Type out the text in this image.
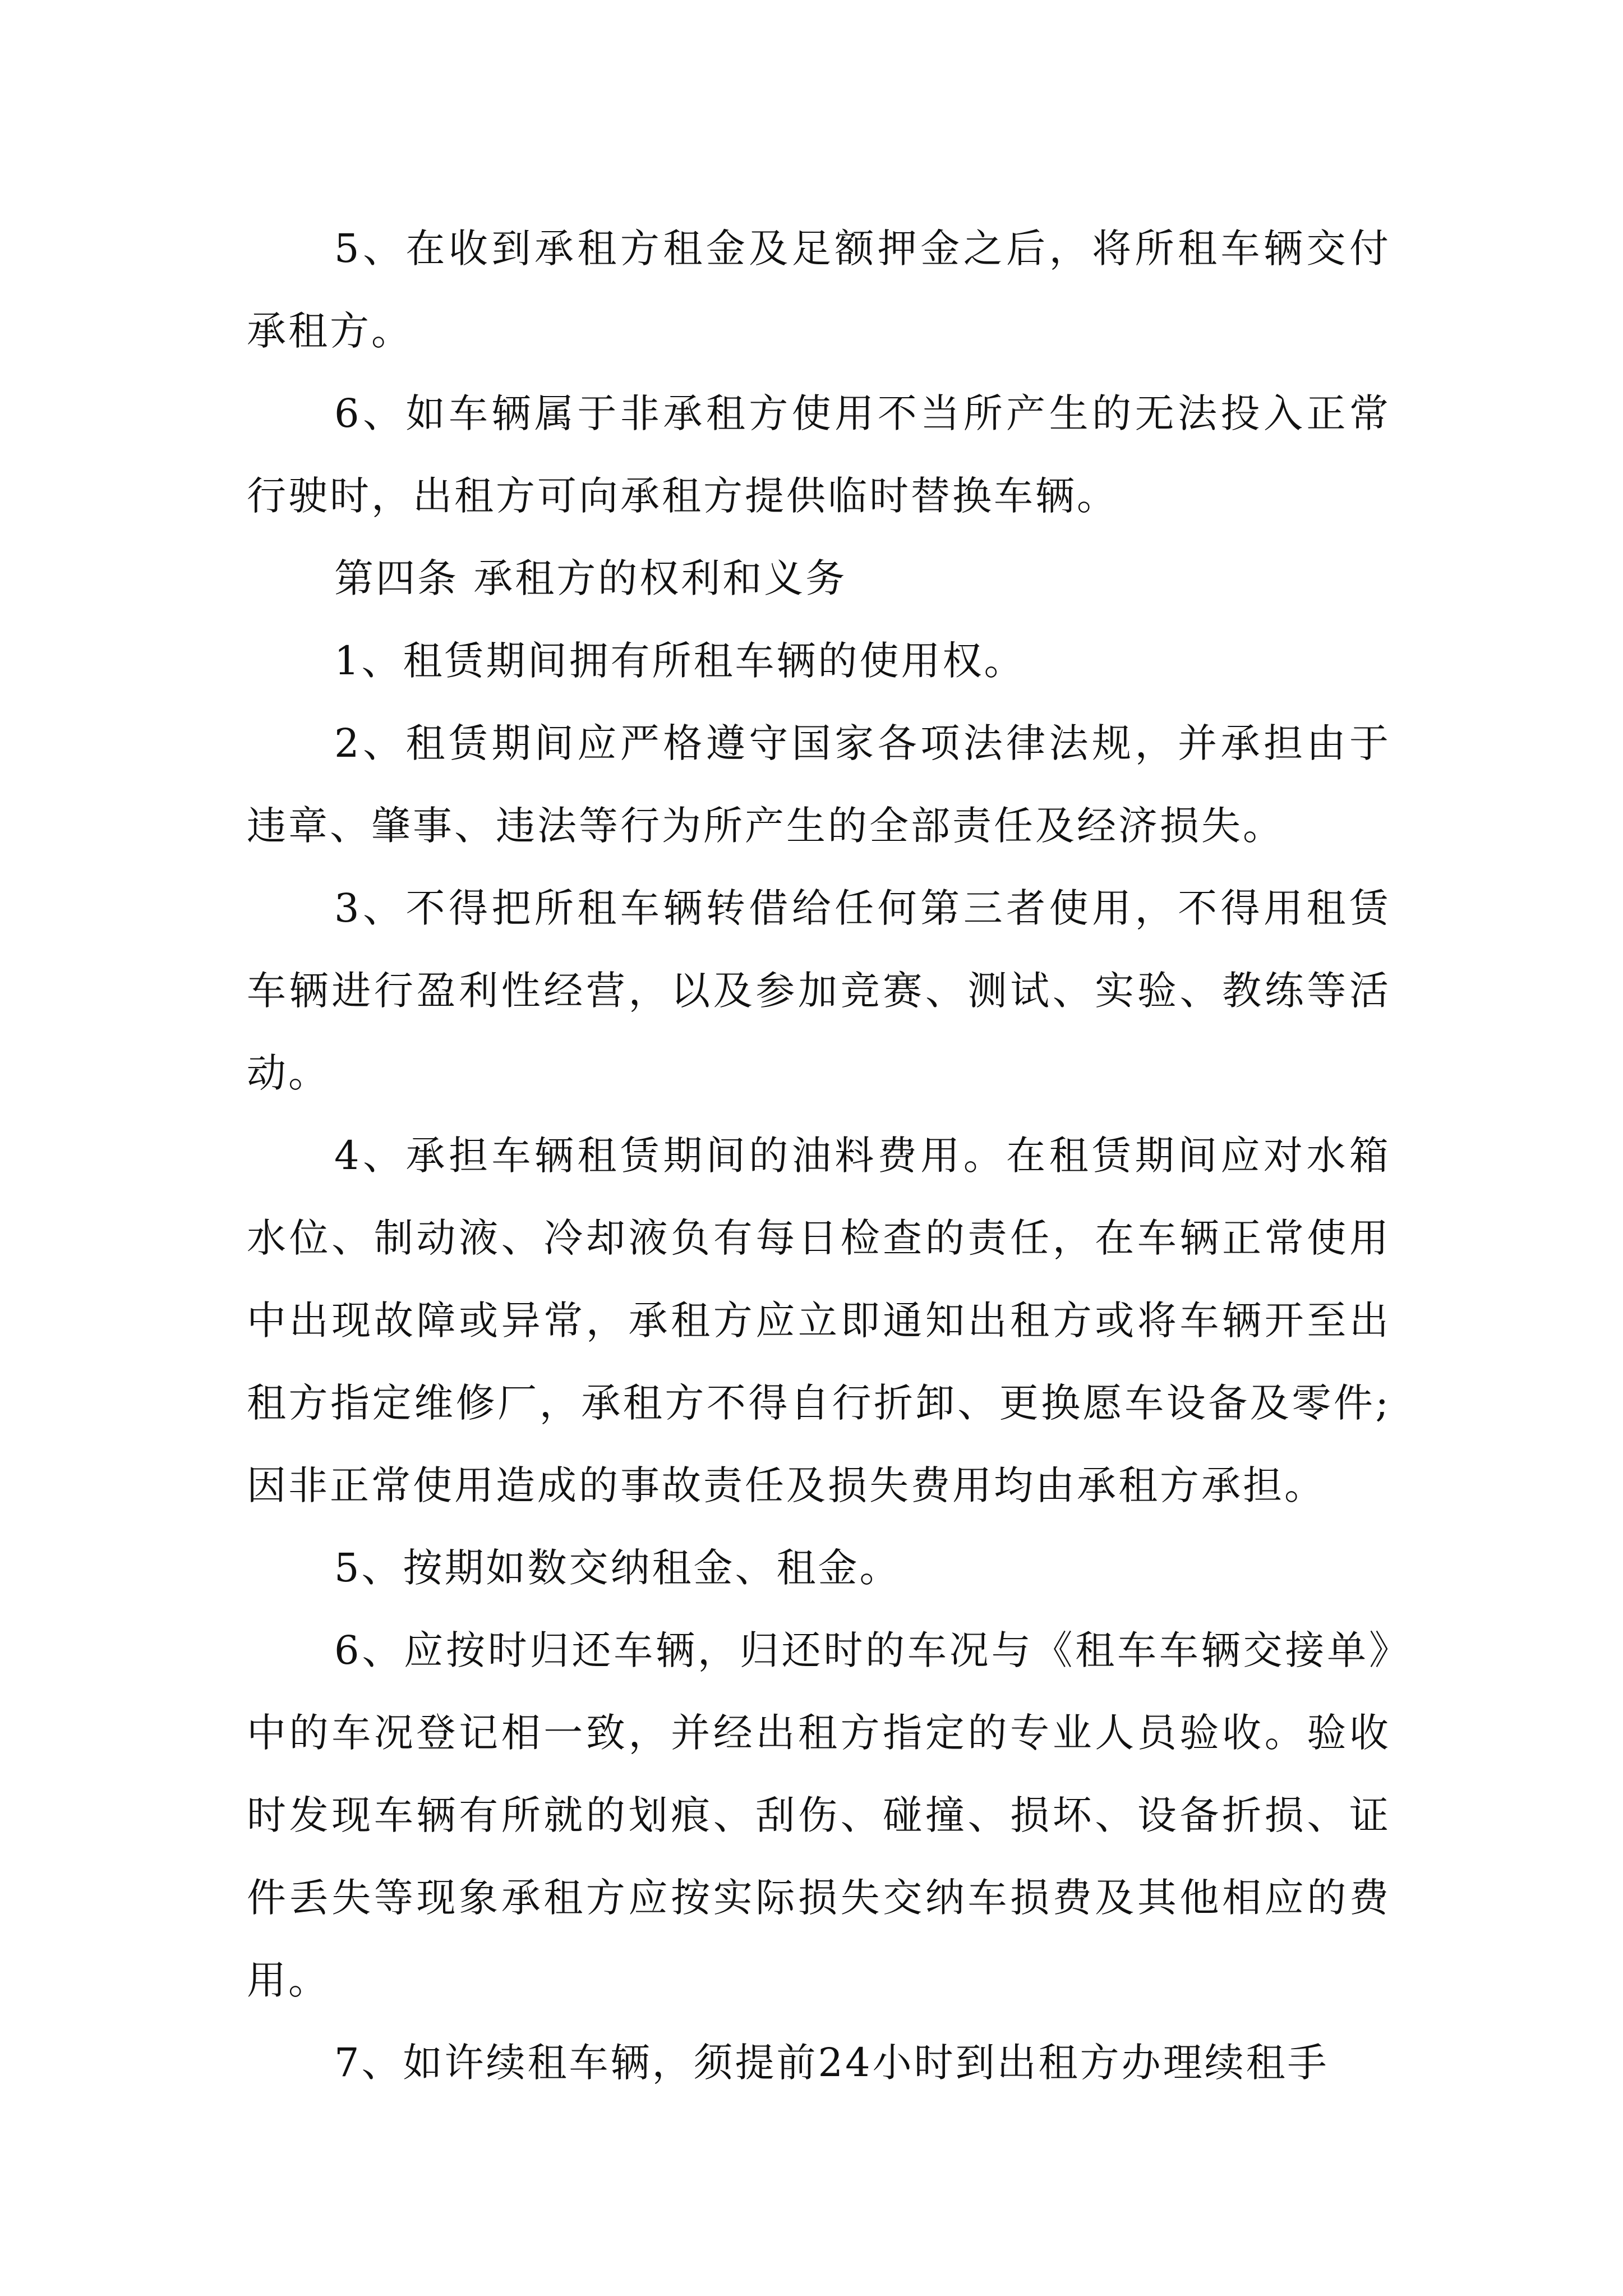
5、在收到承租方租金及足额押金之后，将所租车辆交付承租方。

6、如车辆属于非承租方使用不当所产生的无法投入正常行驶时，出租方可向承租方提供临时替换车辆。

第四条 承租方的权利和义务

1、租赁期间拥有所租车辆的使用权。

2、租赁期间应严格遵守国家各项法律法规，并承担由于违章、肇事、违法等行为所产生的全部责任及经济损失。

3、不得把所租车辆转借给任何第三者使用，不得用租赁车辆进行盈利性经营，以及参加竞赛、测试、实验、教练等活动。

4、承担车辆租赁期间的油料费用。在租赁期间应对水箱水位、制动液、冷却液负有每日检查的责任，在车辆正常使用中出现故障或异常，承租方应立即通知出租方或将车辆开至出租方指定维修厂，承租方不得自行折卸、更换愿车设备及零件;因非正常使用造成的事故责任及损失费用均由承租方承担。

5、按期如数交纳租金、租金。

6、应按时归还车辆，归还时的车况与《租车车辆交接单》中的车况登记相一致，并经出租方指定的专业人员验收。验收时发现车辆有所就的划痕、刮伤、碰撞、损坏、设备折损、证件丢失等现象承租方应按实际损失交纳车损费及其他相应的费用。

7、如许续租车辆，须提前24小时到出租方办理续租手
